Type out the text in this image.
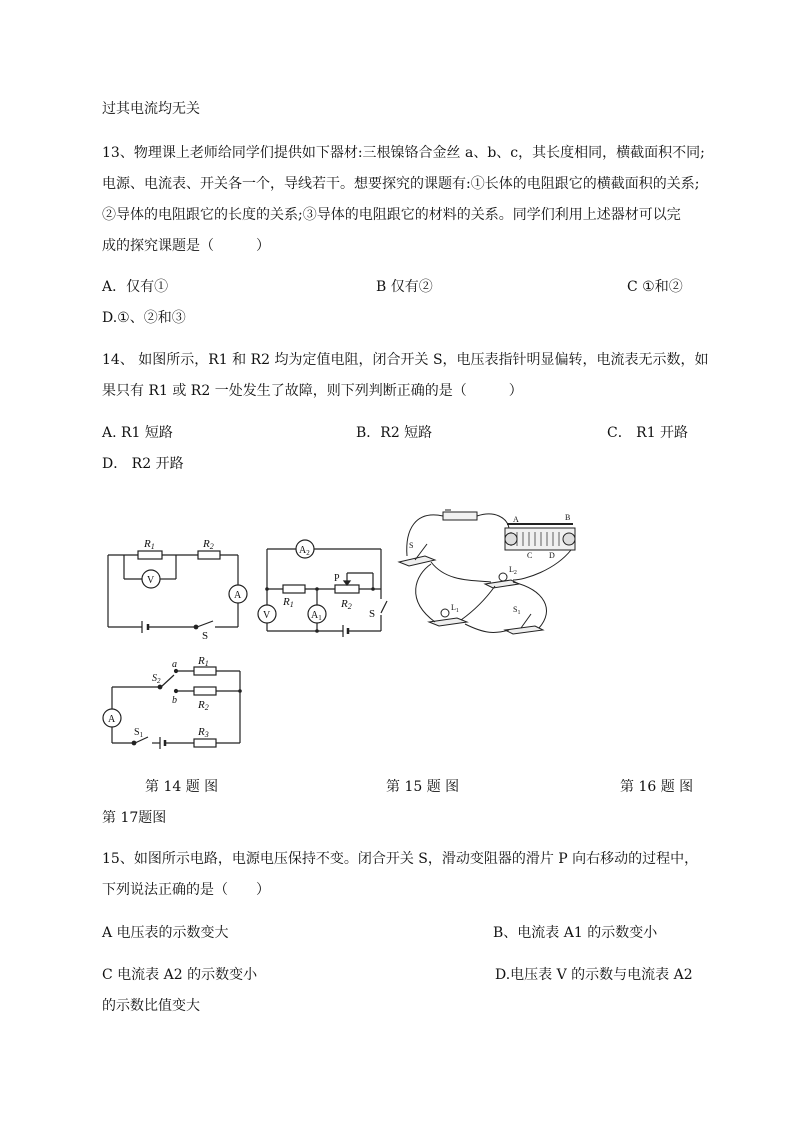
过其电流均无关
13、物理课上老师给同学们提供如下器材:三根镍铬合金丝 a、b、c，其长度相同，横截面积不同;
电源、电流表、开关各一个，导线若干。想要探究的课题有:①长体的电阻跟它的横截面积的关系;
②导体的电阻跟它的长度的关系;③导体的电阻跟它的材料的关系。同学们利用上述器材可以完
成的探究课题是（　　　）
A．仅有①	B 仅有②	C ①和②
D.①、②和③
14、 如图所示，R1 和 R2 均为定值电阻，闭合开关 S，电压表指针明显偏转，电流表无示数，如
果只有 R1 或 R2 一处发生了故障，则下列判断正确的是（　　　）
A. R1 短路	B．R2 短路	C． R1 开路
D． R2 开路
R1	R2
V
A
S
$A_2$
R1	R2
P
V	$A_1$	S
A	B
C D
S
$L_2$
$L_1$	$S_1$
$S_2$
a
b
R1
R2
R3
$S_1$
A
第 14 题 图	第 15 题 图	第 16 题 图
第 17题图
15、如图所示电路，电源电压保持不变。闭合开关 S，滑动变阻器的滑片 P 向右移动的过程中，
下列说法正确的是（　　）
A 电压表的示数变大	B、电流表 A1 的示数变小
C 电流表 A2 的示数变小	D.电压表 V 的示数与电流表 A2
的示数比值变大
